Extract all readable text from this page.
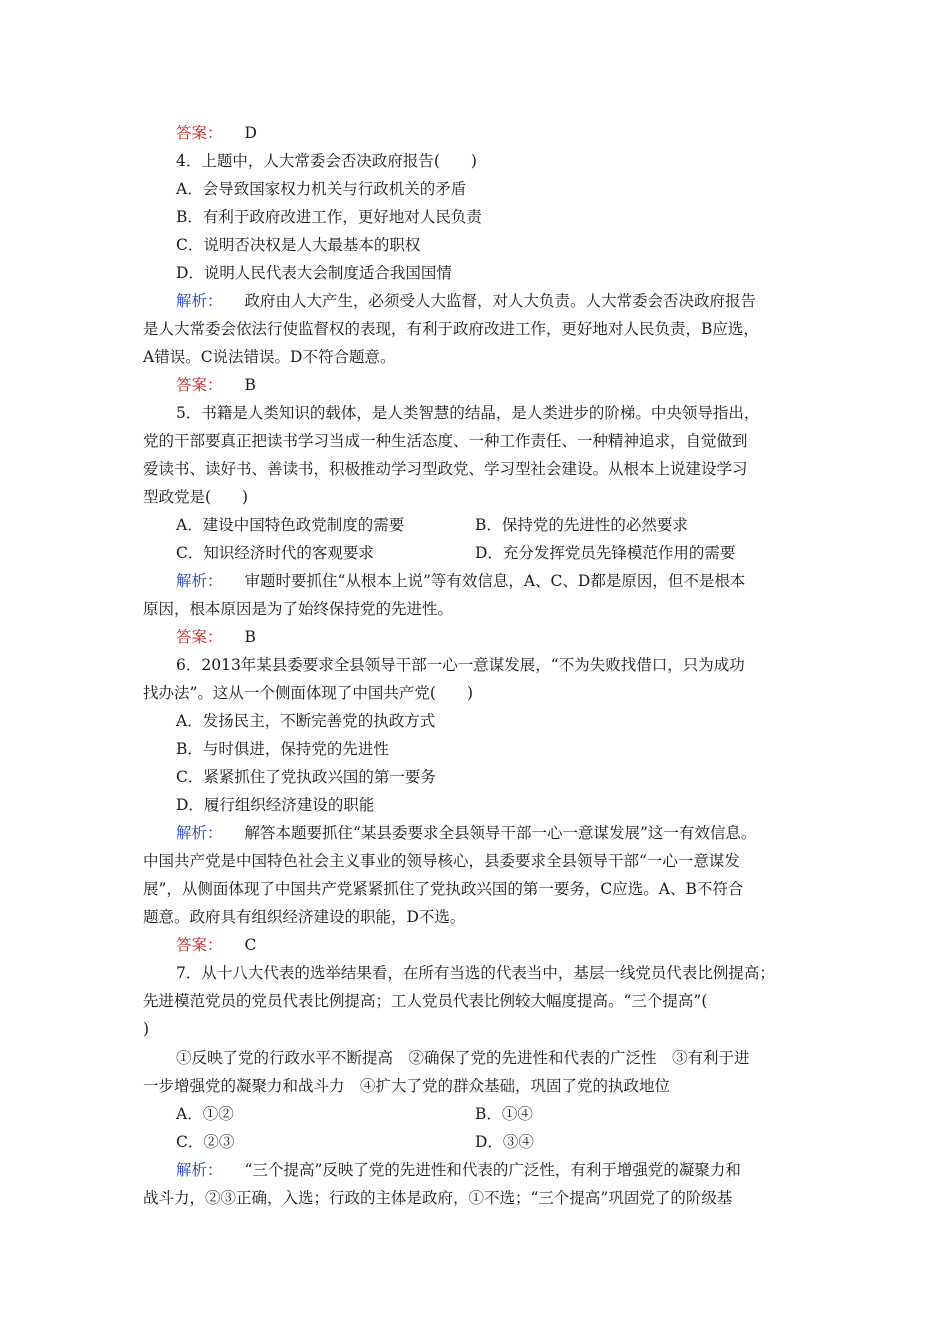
答案： D
4．上题中，人大常委会否决政府报告(　　)
A．会导致国家权力机关与行政机关的矛盾
B．有利于政府改进工作，更好地对人民负责
C．说明否决权是人大最基本的职权
D．说明人民代表大会制度适合我国国情
解析： 政府由人大产生，必须受人大监督，对人大负责。人大常委会否决政府报告
是人大常委会依法行使监督权的表现，有利于政府改进工作，更好地对人民负责，B应选，
A错误。C说法错误。D不符合题意。
答案： B
5．书籍是人类知识的载体，是人类智慧的结晶，是人类进步的阶梯。中央领导指出，
党的干部要真正把读书学习当成一种生活态度、一种工作责任、一种精神追求，自觉做到
爱读书、读好书、善读书，积极推动学习型政党、学习型社会建设。从根本上说建设学习
型政党是(　　)
A．建设中国特色政党制度的需要	B．保持党的先进性的必然要求
C．知识经济时代的客观要求	D．充分发挥党员先锋模范作用的需要
解析： 审题时要抓住“从根本上说”等有效信息，A、C、D都是原因，但不是根本
原因，根本原因是为了始终保持党的先进性。
答案： B
6．2013年某县委要求全县领导干部一心一意谋发展，“不为失败找借口，只为成功
找办法”。这从一个侧面体现了中国共产党(　　)
A．发扬民主，不断完善党的执政方式
B．与时俱进，保持党的先进性
C．紧紧抓住了党执政兴国的第一要务
D．履行组织经济建设的职能
解析： 解答本题要抓住“某县委要求全县领导干部一心一意谋发展”这一有效信息。
中国共产党是中国特色社会主义事业的领导核心，县委要求全县领导干部“一心一意谋发
展”，从侧面体现了中国共产党紧紧抓住了党执政兴国的第一要务，C应选。A、B不符合
题意。政府具有组织经济建设的职能，D不选。
答案： C
7．从十八大代表的选举结果看，在所有当选的代表当中，基层一线党员代表比例提高；
先进模范党员的党员代表比例提高；工人党员代表比例较大幅度提高。“三个提高”(
)
①反映了党的行政水平不断提高　②确保了党的先进性和代表的广泛性　③有利于进
一步增强党的凝聚力和战斗力　④扩大了党的群众基础，巩固了党的执政地位
A．①②	B．①④
C．②③	D．③④
解析： “三个提高”反映了党的先进性和代表的广泛性，有利于增强党的凝聚力和
战斗力，②③正确，入选；行政的主体是政府，①不选；“三个提高”巩固党了的阶级基
